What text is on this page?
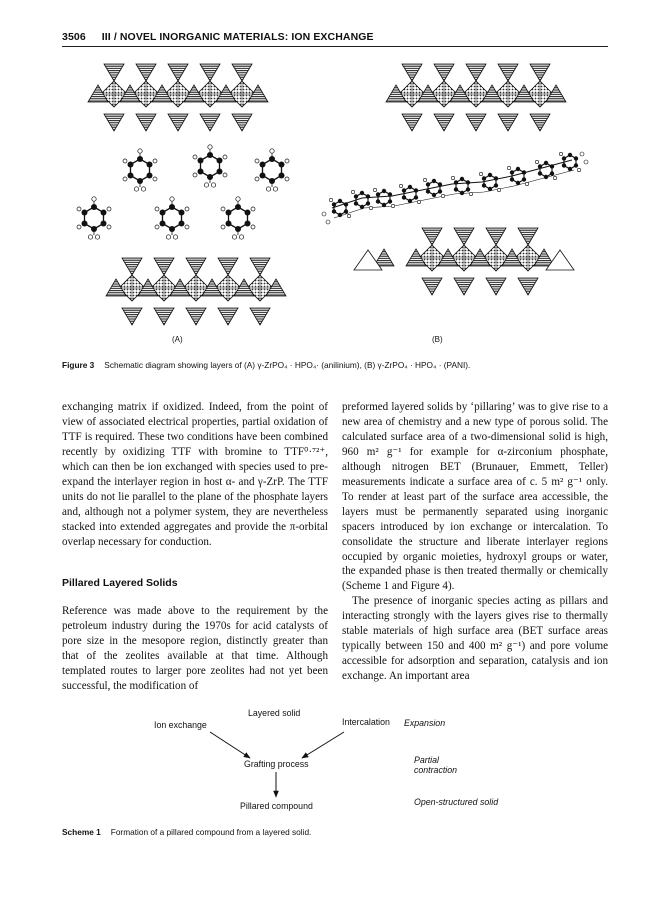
3506 III / NOVEL INORGANIC MATERIALS: ION EXCHANGE
(A)	(B)
Figure 3 Schematic diagram showing layers of (A) γ-ZrPO₄ · HPO₄· (anilinium), (B) γ-ZrPO₄ · HPO₄ · (PANI).

exchanging matrix if oxidized. Indeed, from the point of view of associated electrical properties, partial oxidation of TTF is required. These two conditions have been combined recently by oxidizing TTF with bromine to TTF⁰·⁷²⁺, which can then be ion exchanged with species used to pre-expand the interlayer region in host α- and γ-ZrP. The TTF units do not lie parallel to the plane of the phosphate layers and, although not a polymer system, they are nevertheless stacked into extended aggregates and provide the π-orbital overlap necessary for conduction.

Pillared Layered Solids

Reference was made above to the requirement by the petroleum industry during the 1970s for acid catalysts of pore size in the mesopore region, distinctly greater than that of the zeolites available at that time. Although templated routes to larger pore zeolites had not yet been successful, the modification of

preformed layered solids by ‘pillaring’ was to give rise to a new area of chemistry and a new type of porous solid. The calculated surface area of a two-dimensional solid is high, 960 m² g⁻¹ for example for α-zirconium phosphate, although nitrogen BET (Brunauer, Emmett, Teller) measurements indicate a surface area of c. 5 m² g⁻¹ only. To render at least part of the surface area accessible, the layers must be permanently separated using inorganic spacers introduced by ion exchange or intercalation. To consolidate the structure and liberate interlayer regions occupied by organic moieties, hydroxyl groups or water, the expanded phase is then treated thermally or chemically (Scheme 1 and Figure 4).

The presence of inorganic species acting as pillars and interacting strongly with the layers gives rise to thermally stable materials of high surface area (BET surface areas typically between 150 and 400 m² g⁻¹) and pore volume accessible for adsorption and separation, catalysis and ion exchange. An important area

Layered solid
Ion exchange	Intercalation Expansion
Grafting process	Partial
contraction
Pillared compound	Open-structured solid
Scheme 1 Formation of a pillared compound from a layered solid.
